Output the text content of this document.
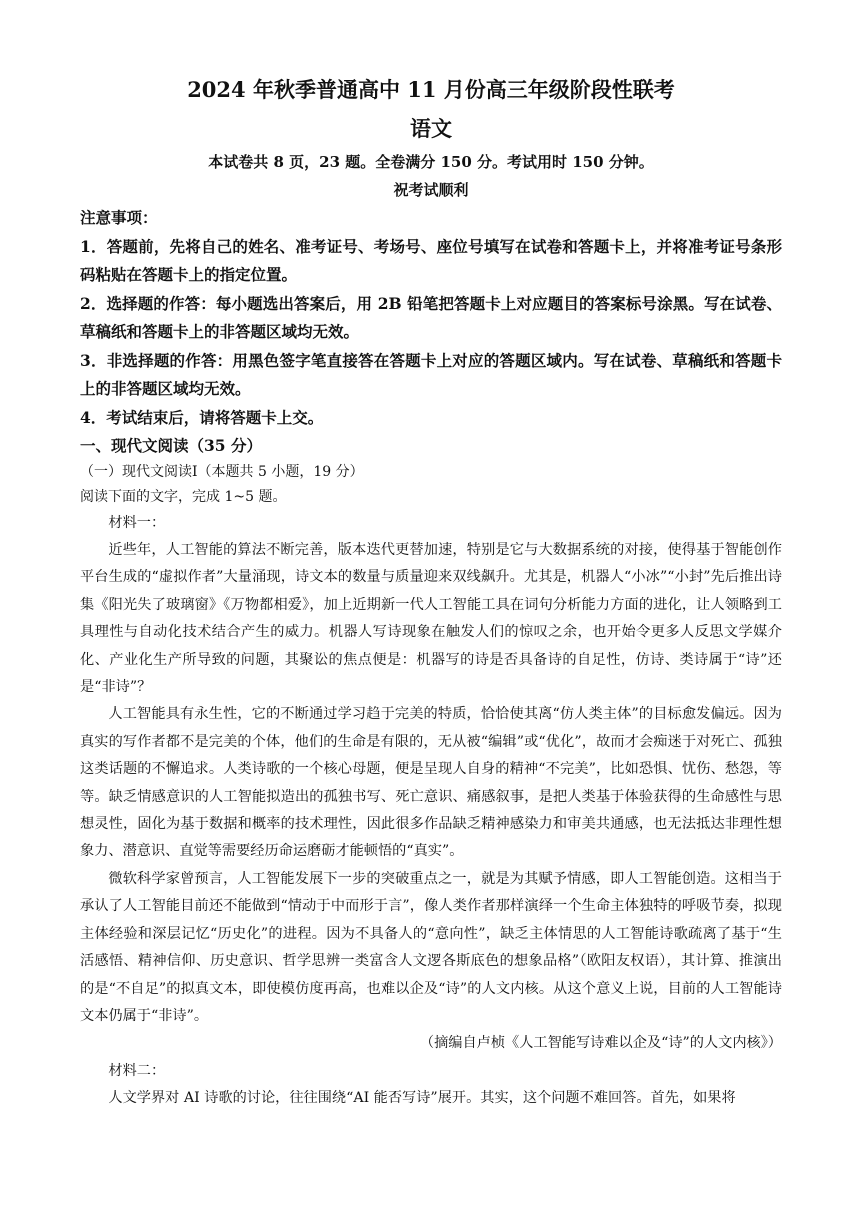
2024 年秋季普通高中 11 月份高三年级阶段性联考
语文
本试卷共 8 页，23 题。全卷满分 150 分。考试用时 150 分钟。
祝考试顺利
注意事项：

1．答题前，先将自己的姓名、准考证号、考场号、座位号填写在试卷和答题卡上，并将准考证号条形码粘贴在答题卡上的指定位置。

2．选择题的作答：每小题选出答案后，用 2B 铅笔把答题卡上对应题目的答案标号涂黑。写在试卷、草稿纸和答题卡上的非答题区域均无效。

3．非选择题的作答：用黑色签字笔直接答在答题卡上对应的答题区域内。写在试卷、草稿纸和答题卡上的非答题区域均无效。

4．考试结束后，请将答题卡上交。

一、现代文阅读（35 分）
（一）现代文阅读Ⅰ（本题共 5 小题，19 分）
阅读下面的文字，完成 1~5 题。
材料一：

近些年，人工智能的算法不断完善，版本迭代更替加速，特别是它与大数据系统的对接，使得基于智能创作平台生成的“虚拟作者”大量涌现，诗文本的数量与质量迎来双线飙升。尤其是，机器人“小冰”“小封”先后推出诗集《阳光失了玻璃窗》《万物都相爱》，加上近期新一代人工智能工具在词句分析能力方面的进化，让人领略到工具理性与自动化技术结合产生的威力。机器人写诗现象在触发人们的惊叹之余，也开始令更多人反思文学媒介化、产业化生产所导致的问题，其聚讼的焦点便是：机器写的诗是否具备诗的自足性，仿诗、类诗属于“诗”还是“非诗”？

人工智能具有永生性，它的不断通过学习趋于完美的特质，恰恰使其离“仿人类主体”的目标愈发偏远。因为真实的写作者都不是完美的个体，他们的生命是有限的，无从被“编辑”或“优化”，故而才会痴迷于对死亡、孤独这类话题的不懈追求。人类诗歌的一个核心母题，便是呈现人自身的精神“不完美”，比如恐惧、忧伤、愁怨，等等。缺乏情感意识的人工智能拟造出的孤独书写、死亡意识、痛感叙事，是把人类基于体验获得的生命感性与思想灵性，固化为基于数据和概率的技术理性，因此很多作品缺乏精神感染力和审美共通感，也无法抵达非理性想象力、潜意识、直觉等需要经历命运磨砺才能顿悟的“真实”。

微软科学家曾预言，人工智能发展下一步的突破重点之一，就是为其赋予情感，即人工智能创造。这相当于承认了人工智能目前还不能做到“情动于中而形于言”，像人类作者那样演绎一个生命主体独特的呼吸节奏，拟现主体经验和深层记忆“历史化”的进程。因为不具备人的“意向性”，缺乏主体情思的人工智能诗歌疏离了基于“生活感悟、精神信仰、历史意识、哲学思辨一类富含人文逻各斯底色的想象品格”（欧阳友权语），其计算、推演出的是“不自足”的拟真文本，即使模仿度再高，也难以企及“诗”的人文内核。从这个意义上说，目前的人工智能诗文本仍属于“非诗”。

（摘编自卢桢《人工智能写诗难以企及“诗”的人文内核》）
材料二：

人文学界对 AI 诗歌的讨论，往往围绕“AI 能否写诗”展开。其实，这个问题不难回答。首先，如果将
